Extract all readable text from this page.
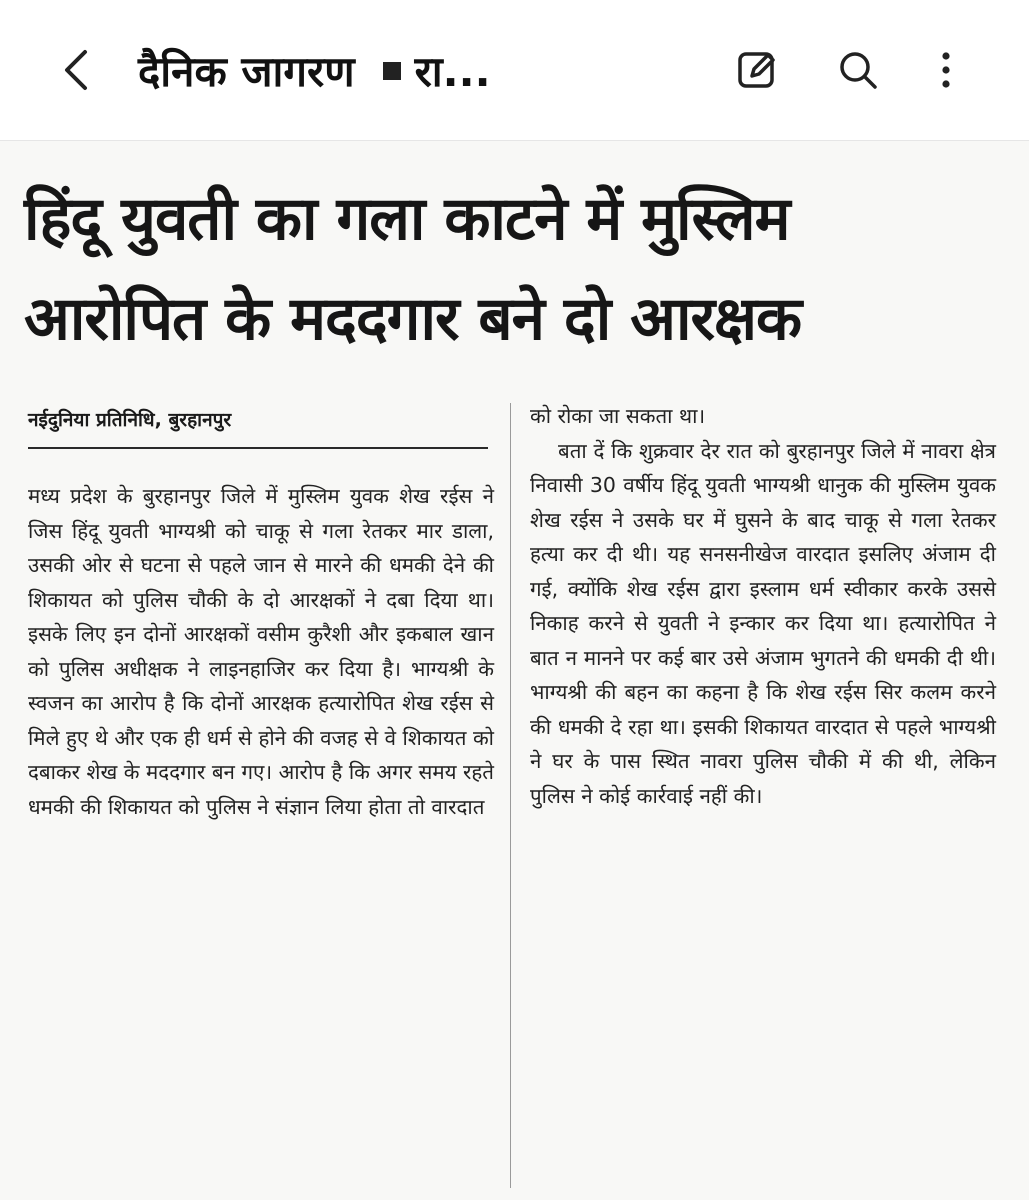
दैनिक जागरण रा...
हिंदू युवती का गला काटने में मुस्लिम
आरोपित के मददगार बने दो आरक्षक
नईदुनिया प्रतिनिधि, बुरहानपुर

मध्य प्रदेश के बुरहानपुर जिले में मुस्लिम युवक शेख रईस ने जिस हिंदू युवती भाग्यश्री को चाकू से गला रेतकर मार डाला, उसकी ओर से घटना से पहले जान से मारने की धमकी देने की शिकायत को पुलिस चौकी के दो आरक्षकों ने दबा दिया था। इसके लिए इन दोनों आरक्षकों वसीम कुरैशी और इकबाल खान को पुलिस अधीक्षक ने लाइनहाजिर कर दिया है। भाग्यश्री के स्वजन का आरोप है कि दोनों आरक्षक हत्यारोपित शेख रईस से मिले हुए थे और एक ही धर्म से होने की वजह से वे शिकायत को दबाकर शेख के मददगार बन गए। आरोप है कि अगर समय रहते धमकी की शिकायत को पुलिस ने संज्ञान लिया होता तो वारदात

को रोका जा सकता था।

बता दें कि शुक्रवार देर रात को बुरहानपुर जिले में नावरा क्षेत्र निवासी 30 वर्षीय हिंदू युवती भाग्यश्री धानुक की मुस्लिम युवक शेख रईस ने उसके घर में घुसने के बाद चाकू से गला रेतकर हत्या कर दी थी। यह सनसनीखेज वारदात इसलिए अंजाम दी गई, क्योंकि शेख रईस द्वारा इस्लाम धर्म स्वीकार करके उससे निकाह करने से युवती ने इन्कार कर दिया था। हत्यारोपित ने बात न मानने पर कई बार उसे अंजाम भुगतने की धमकी दी थी। भाग्यश्री की बहन का कहना है कि शेख रईस सिर कलम करने की धमकी दे रहा था। इसकी शिकायत वारदात से पहले भाग्यश्री ने घर के पास स्थित नावरा पुलिस चौकी में की थी, लेकिन पुलिस ने कोई कार्रवाई नहीं की।
